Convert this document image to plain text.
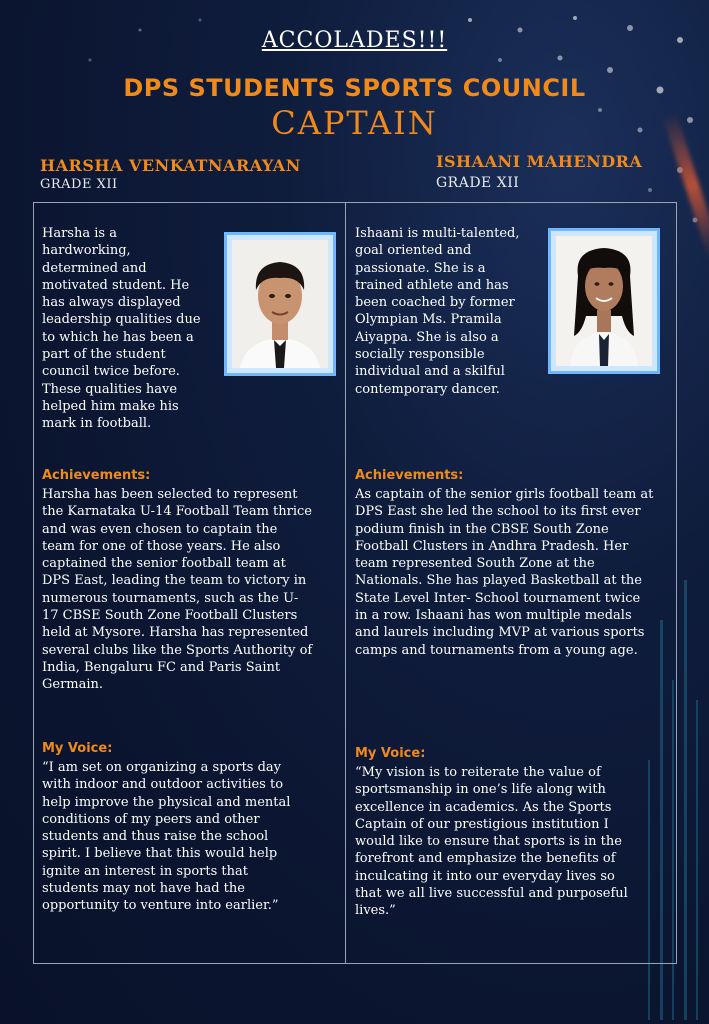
ACCOLADES!!!
DPS STUDENTS SPORTS COUNCIL
CAPTAIN
HARSHA VENKATNARAYAN
GRADE XII
ISHAANI MAHENDRA
GRADE XII
Harsha is a hardworking, determined and motivated student. He has always displayed leadership qualities due to which he has been a part of the student council twice before. These qualities have helped him make his mark in football.
Achievements:
Harsha has been selected to represent the Karnataka U-14 Football Team thrice and was even chosen to captain the team for one of those years. He also captained the senior football team at DPS East, leading the team to victory in numerous tournaments, such as the U-17 CBSE South Zone Football Clusters held at Mysore. Harsha has represented several clubs like the Sports Authority of India, Bengaluru FC and Paris Saint Germain.
My Voice:
“I am set on organizing a sports day with indoor and outdoor activities to help improve the physical and mental conditions of my peers and other students and thus raise the school spirit. I believe that this would help ignite an interest in sports that students may not have had the opportunity to venture into earlier.”
Ishaani is multi-talented, goal oriented and passionate. She is a trained athlete and has been coached by former Olympian Ms. Pramila Aiyappa. She is also a socially responsible individual and a skilful contemporary dancer.
Achievements:
As captain of the senior girls football team at DPS East she led the school to its first ever podium finish in the CBSE South Zone Football Clusters in Andhra Pradesh. Her team represented South Zone at the Nationals. She has played Basketball at the State Level Inter- School tournament twice in a row. Ishaani has won multiple medals and laurels including MVP at various sports camps and tournaments from a young age.
My Voice:
“My vision is to reiterate the value of sportsmanship in one’s life along with excellence in academics. As the Sports Captain of our prestigious institution I would like to ensure that sports is in the forefront and emphasize the benefits of inculcating it into our everyday lives so that we all live successful and purposeful lives.”
